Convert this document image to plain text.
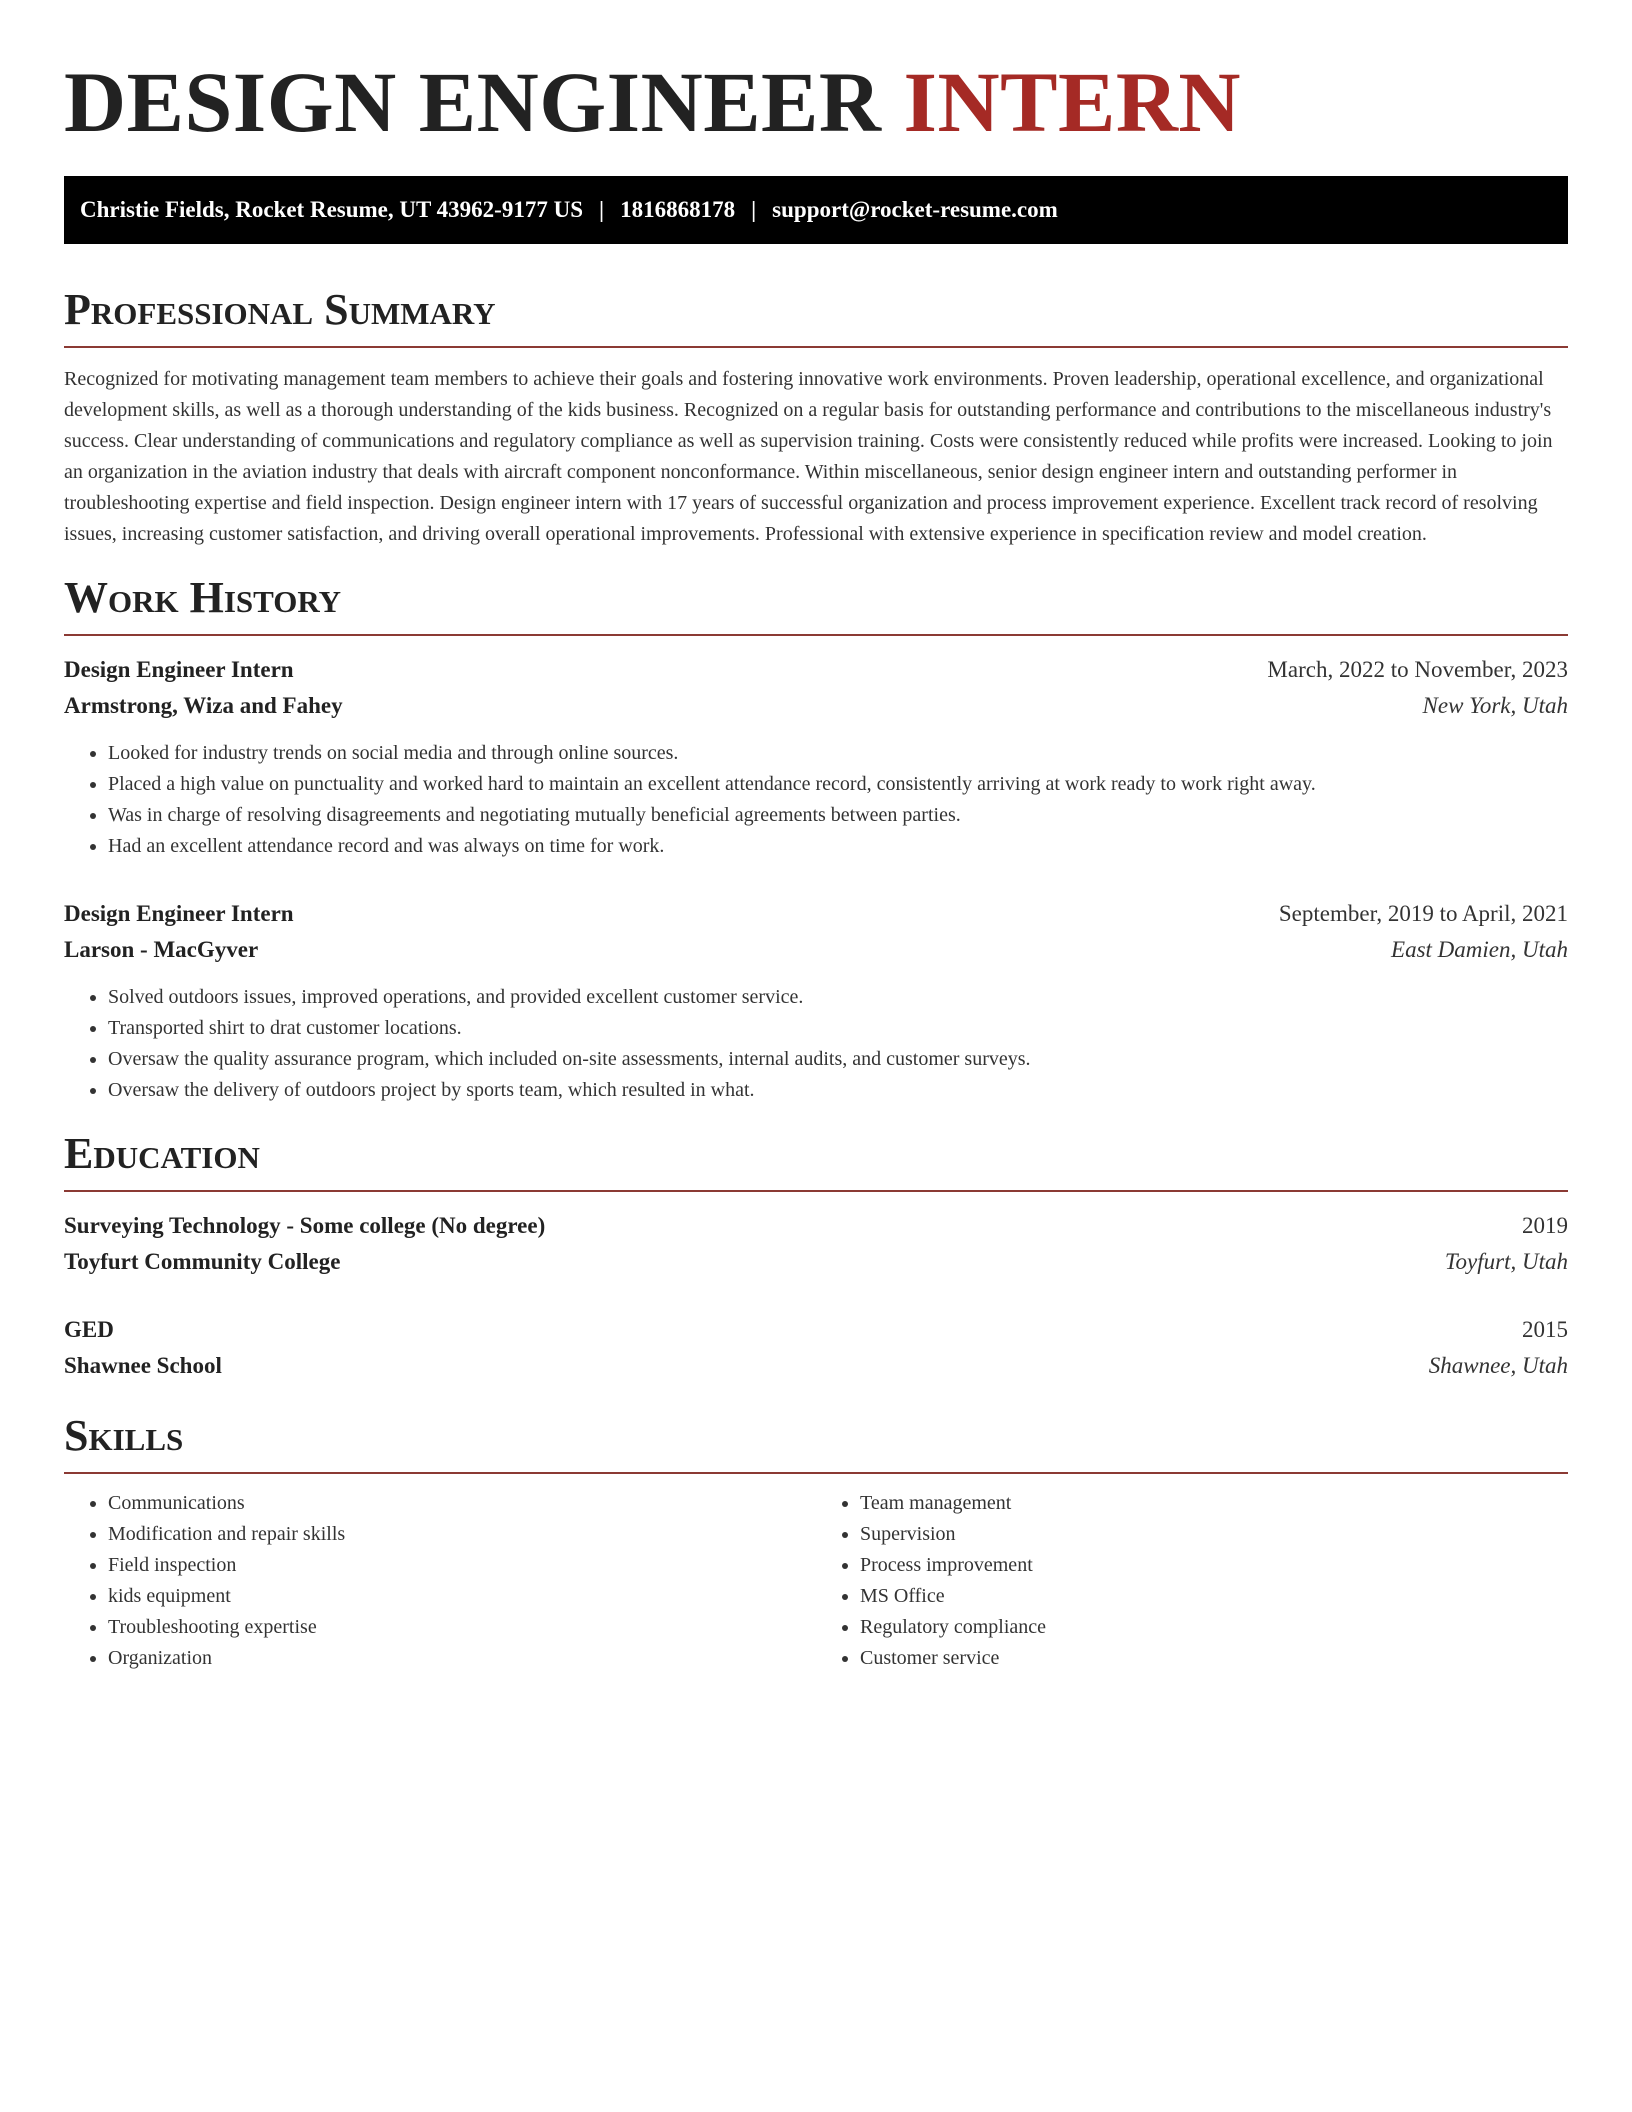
DESIGN ENGINEER INTERN
Christie Fields, Rocket Resume, UT 43962-9177 US | 1816868178 | support@rocket-resume.com
Professional Summary

Recognized for motivating management team members to achieve their goals and fostering innovative work environments. Proven leadership, operational excellence, and organizational development skills, as well as a thorough understanding of the kids business. Recognized on a regular basis for outstanding performance and contributions to the miscellaneous industry's success. Clear understanding of communications and regulatory compliance as well as supervision training. Costs were consistently reduced while profits were increased. Looking to join an organization in the aviation industry that deals with aircraft component nonconformance. Within miscellaneous, senior design engineer intern and outstanding performer in troubleshooting expertise and field inspection. Design engineer intern with 17 years of successful organization and process improvement experience. Excellent track record of resolving issues, increasing customer satisfaction, and driving overall operational improvements. Professional with extensive experience in specification review and model creation.

Work History
Design Engineer Intern	March, 2022 to November, 2023
Armstrong, Wiza and Fahey	New York, Utah
• Looked for industry trends on social media and through online sources.
• Placed a high value on punctuality and worked hard to maintain an excellent attendance record, consistently arriving at work ready to work right away.
• Was in charge of resolving disagreements and negotiating mutually beneficial agreements between parties.
• Had an excellent attendance record and was always on time for work.
Design Engineer Intern	September, 2019 to April, 2021
Larson - MacGyver	East Damien, Utah
• Solved outdoors issues, improved operations, and provided excellent customer service.
• Transported shirt to drat customer locations.
• Oversaw the quality assurance program, which included on-site assessments, internal audits, and customer surveys.
• Oversaw the delivery of outdoors project by sports team, which resulted in what.
Education
Surveying Technology - Some college (No degree)	2019
Toyfurt Community College	Toyfurt, Utah
GED	2015
Shawnee School	Shawnee, Utah
Skills
• Communications
• Modification and repair skills
• Field inspection
• kids equipment
• Troubleshooting expertise
• Organization
• Team management
• Supervision
• Process improvement
• MS Office
• Regulatory compliance
• Customer service
